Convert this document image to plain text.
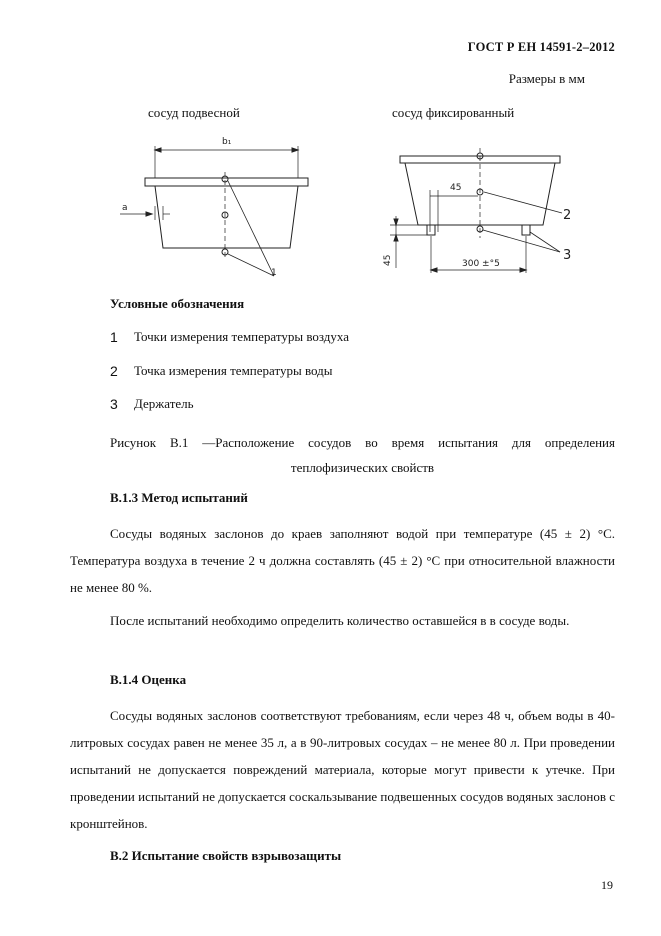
ГОСТ Р ЕН 14591-2–2012
Размеры в мм
сосуд подвесной	сосуд фиксированный
b₁
a
1
45
2
3
45	300 ±°5
Условные обозначения
1	Точки измерения температуры воздуха
2	Точка измерения температуры воды
3	Держатель
Рисунок В.1 —Расположение сосудов во время испытания для определения теплофизических свойств
В.1.3 Метод испытаний
Сосуды водяных заслонов до краев заполняют водой при температуре (45 ± 2) °С. Температура воздуха в течение 2 ч должна составлять (45 ± 2) °С при относительной влажности не менее 80 %.
После испытаний необходимо определить количество оставшейся в в сосуде воды.
В.1.4 Оценка
Сосуды водяных заслонов соответствуют требованиям, если через 48 ч, объем воды в 40-литровых сосудах равен не менее 35 л, а в 90-литровых сосудах – не менее 80 л. При проведении испытаний не допускается повреждений материала, которые могут привести к утечке. При проведении испытаний не допускается соскальзывание подвешенных сосудов водяных заслонов с кронштейнов.
В.2 Испытание свойств взрывозащиты
19
